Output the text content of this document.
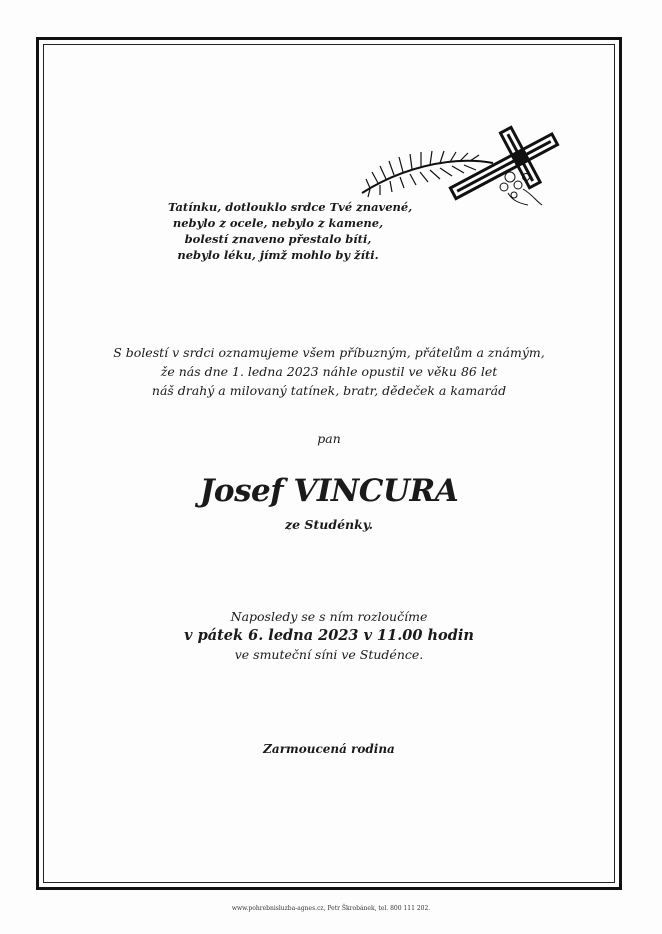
Tatínku, dotlouklo srdce Tvé znavené,
nebylo z ocele, nebylo z kamene,
bolestí znaveno přestalo bíti,
nebylo léku, jímž mohlo by žíti.
S bolestí v srdci oznamujeme všem příbuzným, přátelům a známým,
že nás dne 1. ledna 2023 náhle opustil ve věku 86 let
náš drahý a milovaný tatínek, bratr, dědeček a kamarád
pan
Josef VINCURA
ze Studénky.
Naposledy se s ním rozloučíme
v pátek 6. ledna 2023 v 11.00 hodin
ve smuteční síni ve Studénce.
Zarmoucená rodina
www.pohrebnisluzba-agnes.cz, Petr Škrobánek, tel. 800 111 202.
